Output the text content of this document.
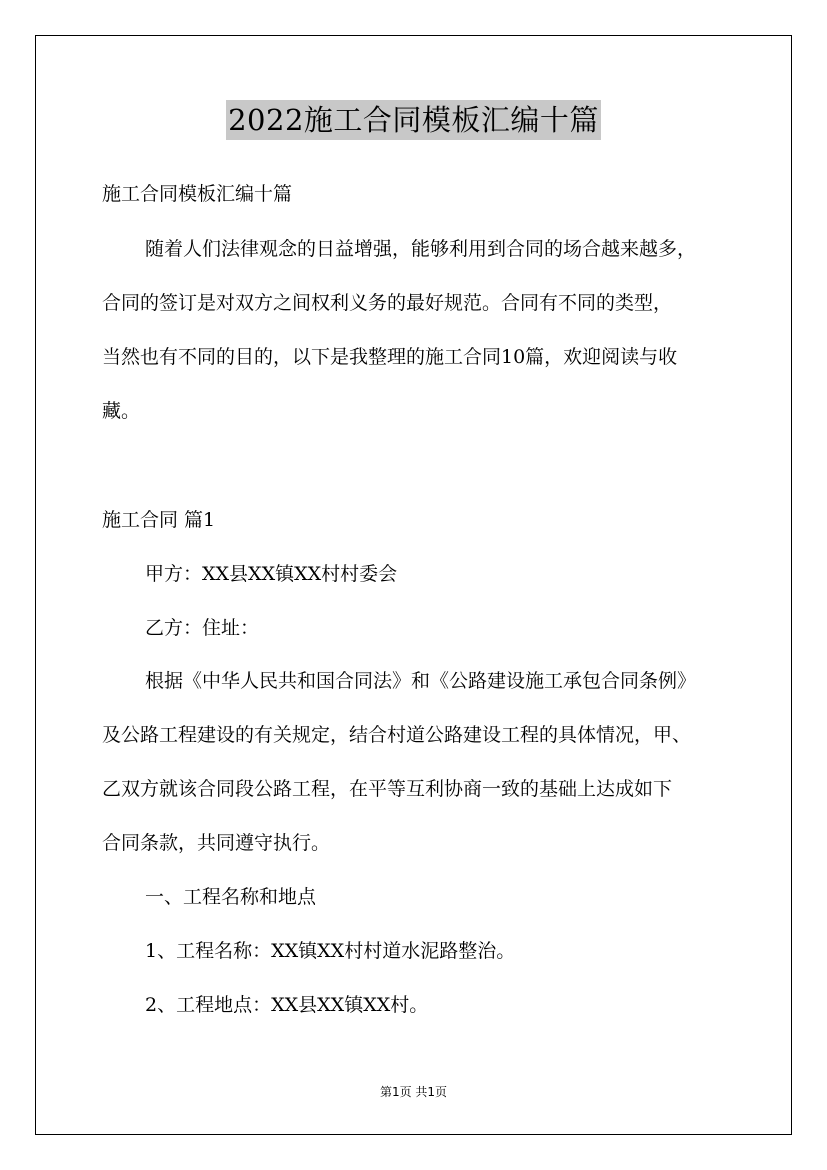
2022施工合同模板汇编十篇
施工合同模板汇编十篇
随着人们法律观念的日益增强，能够利用到合同的场合越来越多，
合同的签订是对双方之间权利义务的最好规范。合同有不同的类型，
当然也有不同的目的，以下是我整理的施工合同10篇，欢迎阅读与收
藏。
施工合同 篇1
甲方：XX县XX镇XX村村委会
乙方：住址：
根据《中华人民共和国合同法》和《公路建设施工承包合同条例》
及公路工程建设的有关规定，结合村道公路建设工程的具体情况，甲、
乙双方就该合同段公路工程，在平等互利协商一致的基础上达成如下
合同条款，共同遵守执行。
一、工程名称和地点
1、工程名称：XX镇XX村村道水泥路整治。
2、工程地点：XX县XX镇XX村。
第1页 共1页
